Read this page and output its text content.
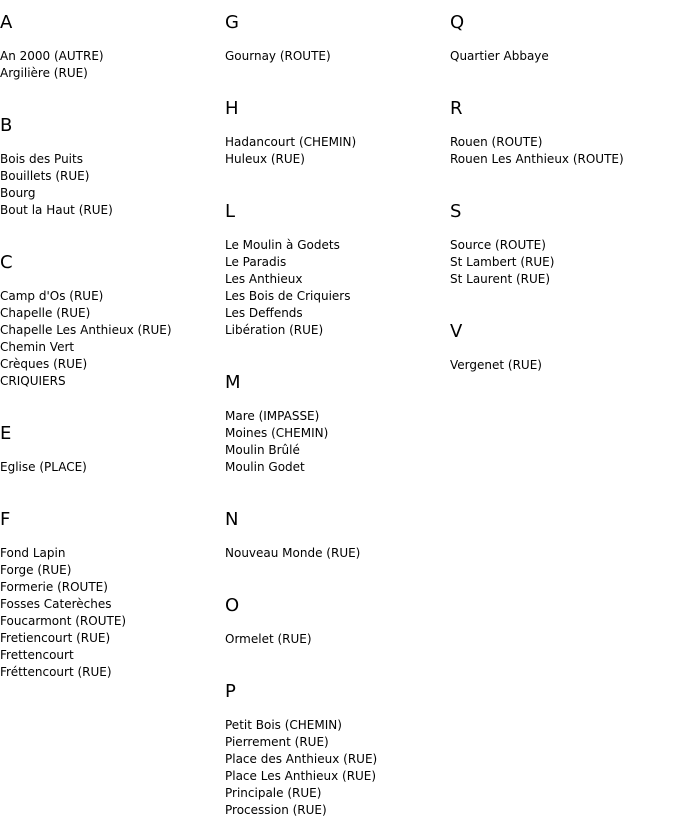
A
An 2000 (AUTRE)
Argilière (RUE)
B
Bois des Puits
Bouillets (RUE)
Bourg
Bout la Haut (RUE)
C
Camp d'Os (RUE)
Chapelle (RUE)
Chapelle Les Anthieux (RUE)
Chemin Vert
Crèques (RUE)
CRIQUIERS
E
Eglise (PLACE)
F
Fond Lapin
Forge (RUE)
Formerie (ROUTE)
Fosses Caterèches
Foucarmont (ROUTE)
Fretiencourt (RUE)
Frettencourt
Fréttencourt (RUE)
G
Gournay (ROUTE)
H
Hadancourt (CHEMIN)
Huleux (RUE)
L
Le Moulin à Godets
Le Paradis
Les Anthieux
Les Bois de Criquiers
Les Deffends
Libération (RUE)
M
Mare (IMPASSE)
Moines (CHEMIN)
Moulin Brûlé
Moulin Godet
N
Nouveau Monde (RUE)
O
Ormelet (RUE)
P
Petit Bois (CHEMIN)
Pierrement (RUE)
Place des Anthieux (RUE)
Place Les Anthieux (RUE)
Principale (RUE)
Procession (RUE)
Q
Quartier Abbaye
R
Rouen (ROUTE)
Rouen Les Anthieux (ROUTE)
S
Source (ROUTE)
St Lambert (RUE)
St Laurent (RUE)
V
Vergenet (RUE)
